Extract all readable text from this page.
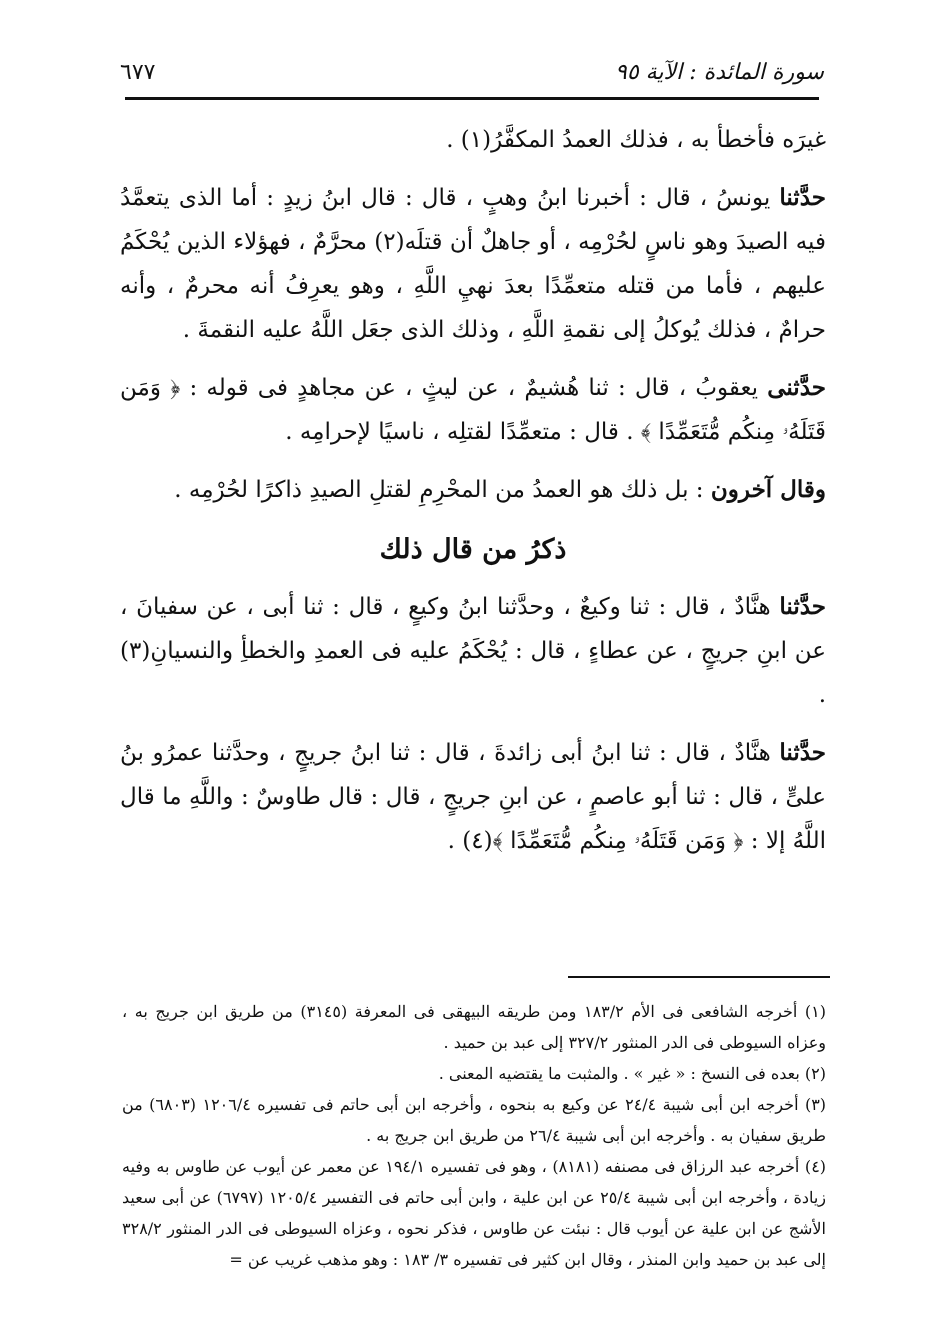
سورة المائدة : الآية ٩٥
٦٧٧

غيرَه فأخطأ به ، فذلك العمدُ المكفَّرُ(١) .

حدَّثنا يونسُ ، قال : أخبرنا ابنُ وهبٍ ، قال : قال ابنُ زيدٍ : أما الذى يتعمَّدُ فيه الصيدَ وهو ناسٍ لحُرْمِه ، أو جاهلٌ أن قتلَه(٢) محرَّمٌ ، فهؤلاء الذين يُحْكَمُ عليهم ، فأما من قتله متعمِّدًا بعدَ نهيِ اللَّهِ ، وهو يعرِفُ أنه محرمٌ ، وأنه حرامٌ ، فذلك يُوكلُ إلى نقمةِ اللَّهِ ، وذلك الذى جعَل اللَّهُ عليه النقمةَ .

حدَّثنى يعقوبُ ، قال : ثنا هُشيمٌ ، عن ليثٍ ، عن مجاهدٍ فى قوله : ﴿ وَمَن قَتَلَهُۥ مِنكُم مُّتَعَمِّدًا ﴾ . قال : متعمِّدًا لقتلِه ، ناسيًا لإحرامِه .

وقال آخرون : بل ذلك هو العمدُ من المحْرِمِ لقتلِ الصيدِ ذاكرًا لحُرْمِه .

ذكرُ من قال ذلك

حدَّثنا هنَّادٌ ، قال : ثنا وكيعٌ ، وحدَّثنا ابنُ وكيعٍ ، قال : ثنا أبى ، عن سفيانَ ، عن ابنِ جريجٍ ، عن عطاءٍ ، قال : يُحْكَمُ عليه فى العمدِ والخطأِ والنسيانِ(٣) .

حدَّثنا هنَّادٌ ، قال : ثنا ابنُ أبى زائدةَ ، قال : ثنا ابنُ جريجٍ ، وحدَّثنا عمرُو بنُ علىٍّ ، قال : ثنا أبو عاصمٍ ، عن ابنِ جريجٍ ، قال : قال طاوسٌ : واللَّهِ ما قال اللَّهُ إلا : ﴿ وَمَن قَتَلَهُۥ مِنكُم مُّتَعَمِّدًا ﴾(٤) .

(١) أخرجه الشافعى فى الأم ١٨٣/٢ ومن طريقه البيهقى فى المعرفة (٣١٤٥) من طريق ابن جريج به ، وعزاه السيوطى فى الدر المنثور ٣٢٧/٢ إلى عبد بن حميد .

(٢) بعده فى النسخ : « غير » . والمثبت ما يقتضيه المعنى .

(٣) أخرجه ابن أبى شيبة ٢٤/٤ عن وكيع به بنحوه ، وأخرجه ابن أبى حاتم فى تفسيره ١٢٠٦/٤ (٦٨٠٣) من طريق سفيان به . وأخرجه ابن أبى شيبة ٢٦/٤ من طريق ابن جريج به .

(٤) أخرجه عبد الرزاق فى مصنفه (٨١٨١) ، وهو فى تفسيره ١٩٤/١ عن معمر عن أيوب عن طاوس به وفيه زيادة ، وأخرجه ابن أبى شيبة ٢٥/٤ عن ابن علية ، وابن أبى حاتم فى التفسير ١٢٠٥/٤ (٦٧٩٧) عن أبى سعيد الأشج عن ابن علية عن أيوب قال : نبئت عن طاوس ، فذكر نحوه ، وعزاه السيوطى فى الدر المنثور ٣٢٨/٢ إلى عبد بن حميد وابن المنذر ، وقال ابن كثير فى تفسيره ٣/ ١٨٣ : وهو مذهب غريب عن =
